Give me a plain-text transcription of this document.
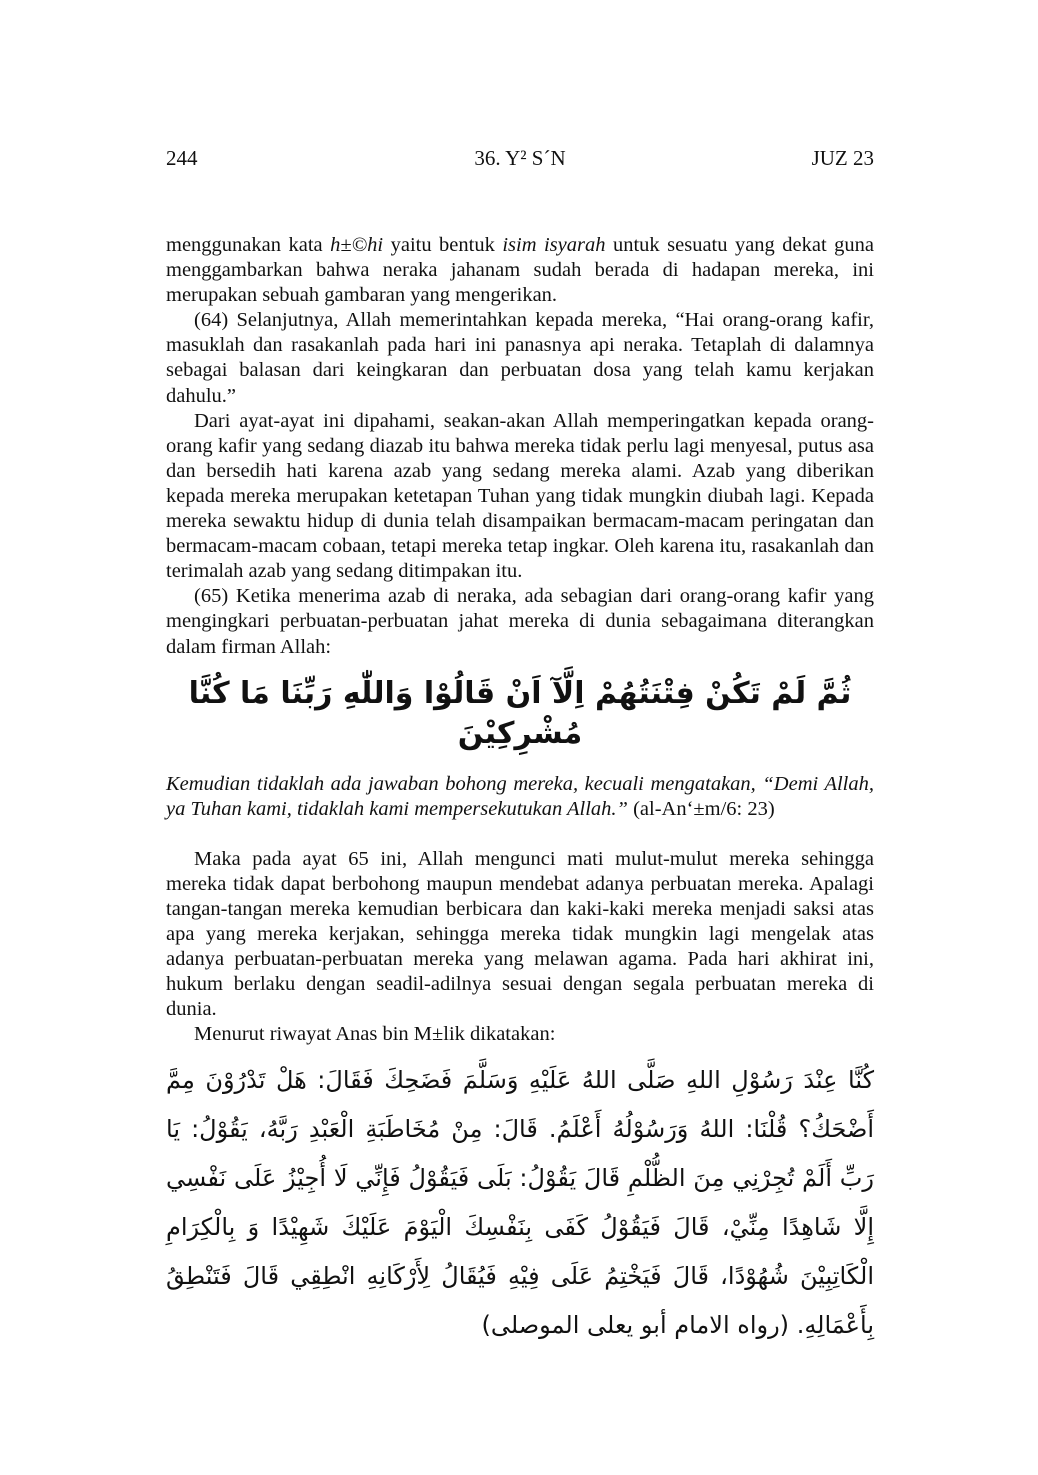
244	36. Y² S´N	JUZ 23

menggunakan kata h±©hi yaitu bentuk isim isyarah untuk sesuatu yang dekat guna menggambarkan bahwa neraka jahanam sudah berada di hadapan mereka, ini merupakan sebuah gambaran yang mengerikan.

(64) Selanjutnya, Allah memerintahkan kepada mereka, “Hai orang-orang kafir, masuklah dan rasakanlah pada hari ini panasnya api neraka. Tetaplah di dalamnya sebagai balasan dari keingkaran dan perbuatan dosa yang telah kamu kerjakan dahulu.”

Dari ayat-ayat ini dipahami, seakan-akan Allah memperingatkan kepada orang-orang kafir yang sedang diazab itu bahwa mereka tidak perlu lagi menyesal, putus asa dan bersedih hati karena azab yang sedang mereka alami. Azab yang diberikan kepada mereka merupakan ketetapan Tuhan yang tidak mungkin diubah lagi. Kepada mereka sewaktu hidup di dunia telah disampaikan bermacam-macam peringatan dan bermacam-macam cobaan, tetapi mereka tetap ingkar. Oleh karena itu, rasakanlah dan terimalah azab yang sedang ditimpakan itu.

(65) Ketika menerima azab di neraka, ada sebagian dari orang-orang kafir yang mengingkari perbuatan-perbuatan jahat mereka di dunia sebagaimana diterangkan dalam firman Allah:

ثُمَّ لَمْ تَكُنْ فِتْنَتُهُمْ اِلَّآ اَنْ قَالُوْا وَاللّٰهِ رَبِّنَا مَا كُنَّا مُشْرِكِيْنَ

Kemudian tidaklah ada jawaban bohong mereka, kecuali mengatakan, “Demi Allah, ya Tuhan kami, tidaklah kami mempersekutukan Allah.” (al-An‘±m/6: 23)

Maka pada ayat 65 ini, Allah mengunci mati mulut-mulut mereka sehingga mereka tidak dapat berbohong maupun mendebat adanya perbuatan mereka. Apalagi tangan-tangan mereka kemudian berbicara dan kaki-kaki mereka menjadi saksi atas apa yang mereka kerjakan, sehingga mereka tidak mungkin lagi mengelak atas adanya perbuatan-perbuatan mereka yang melawan agama. Pada hari akhirat ini, hukum berlaku dengan seadil-adilnya sesuai dengan segala perbuatan mereka di dunia.

Menurut riwayat Anas bin M±lik dikatakan:

كُنَّا عِنْدَ رَسُوْلِ اللهِ صَلَّى اللهُ عَلَيْهِ وَسَلَّمَ فَضَحِكَ فَقَالَ: هَلْ تَدْرُوْنَ مِمَّ أَضْحَكُ؟ قُلْنَا: اللهُ وَرَسُوْلُهُ أَعْلَمُ. قَالَ: مِنْ مُخَاطَبَةِ الْعَبْدِ رَبَّهُ، يَقُوْلُ: يَا رَبِّ أَلَمْ تُجِرْنِي مِنَ الظُّلْمِ قَالَ يَقُوْلُ: بَلَى فَيَقُوْلُ فَإِنِّي لَا أُجِيْزُ عَلَى نَفْسِي إِلَّا شَاهِدًا مِنِّيْ، قَالَ فَيَقُوْلُ كَفَى بِنَفْسِكَ الْيَوْمَ عَلَيْكَ شَهِيْدًا وَ بِالْكِرَامِ الْكَاتِبِيْنَ شُهُوْدًا، قَالَ فَيَخْتِمُ عَلَى فِيْهِ فَيُقَالُ لِأَرْكَانِهِ انْطِقِي قَالَ فَتَنْطِقُ بِأَعْمَالِهِ. (رواه الامام أبو يعلى الموصلى)
